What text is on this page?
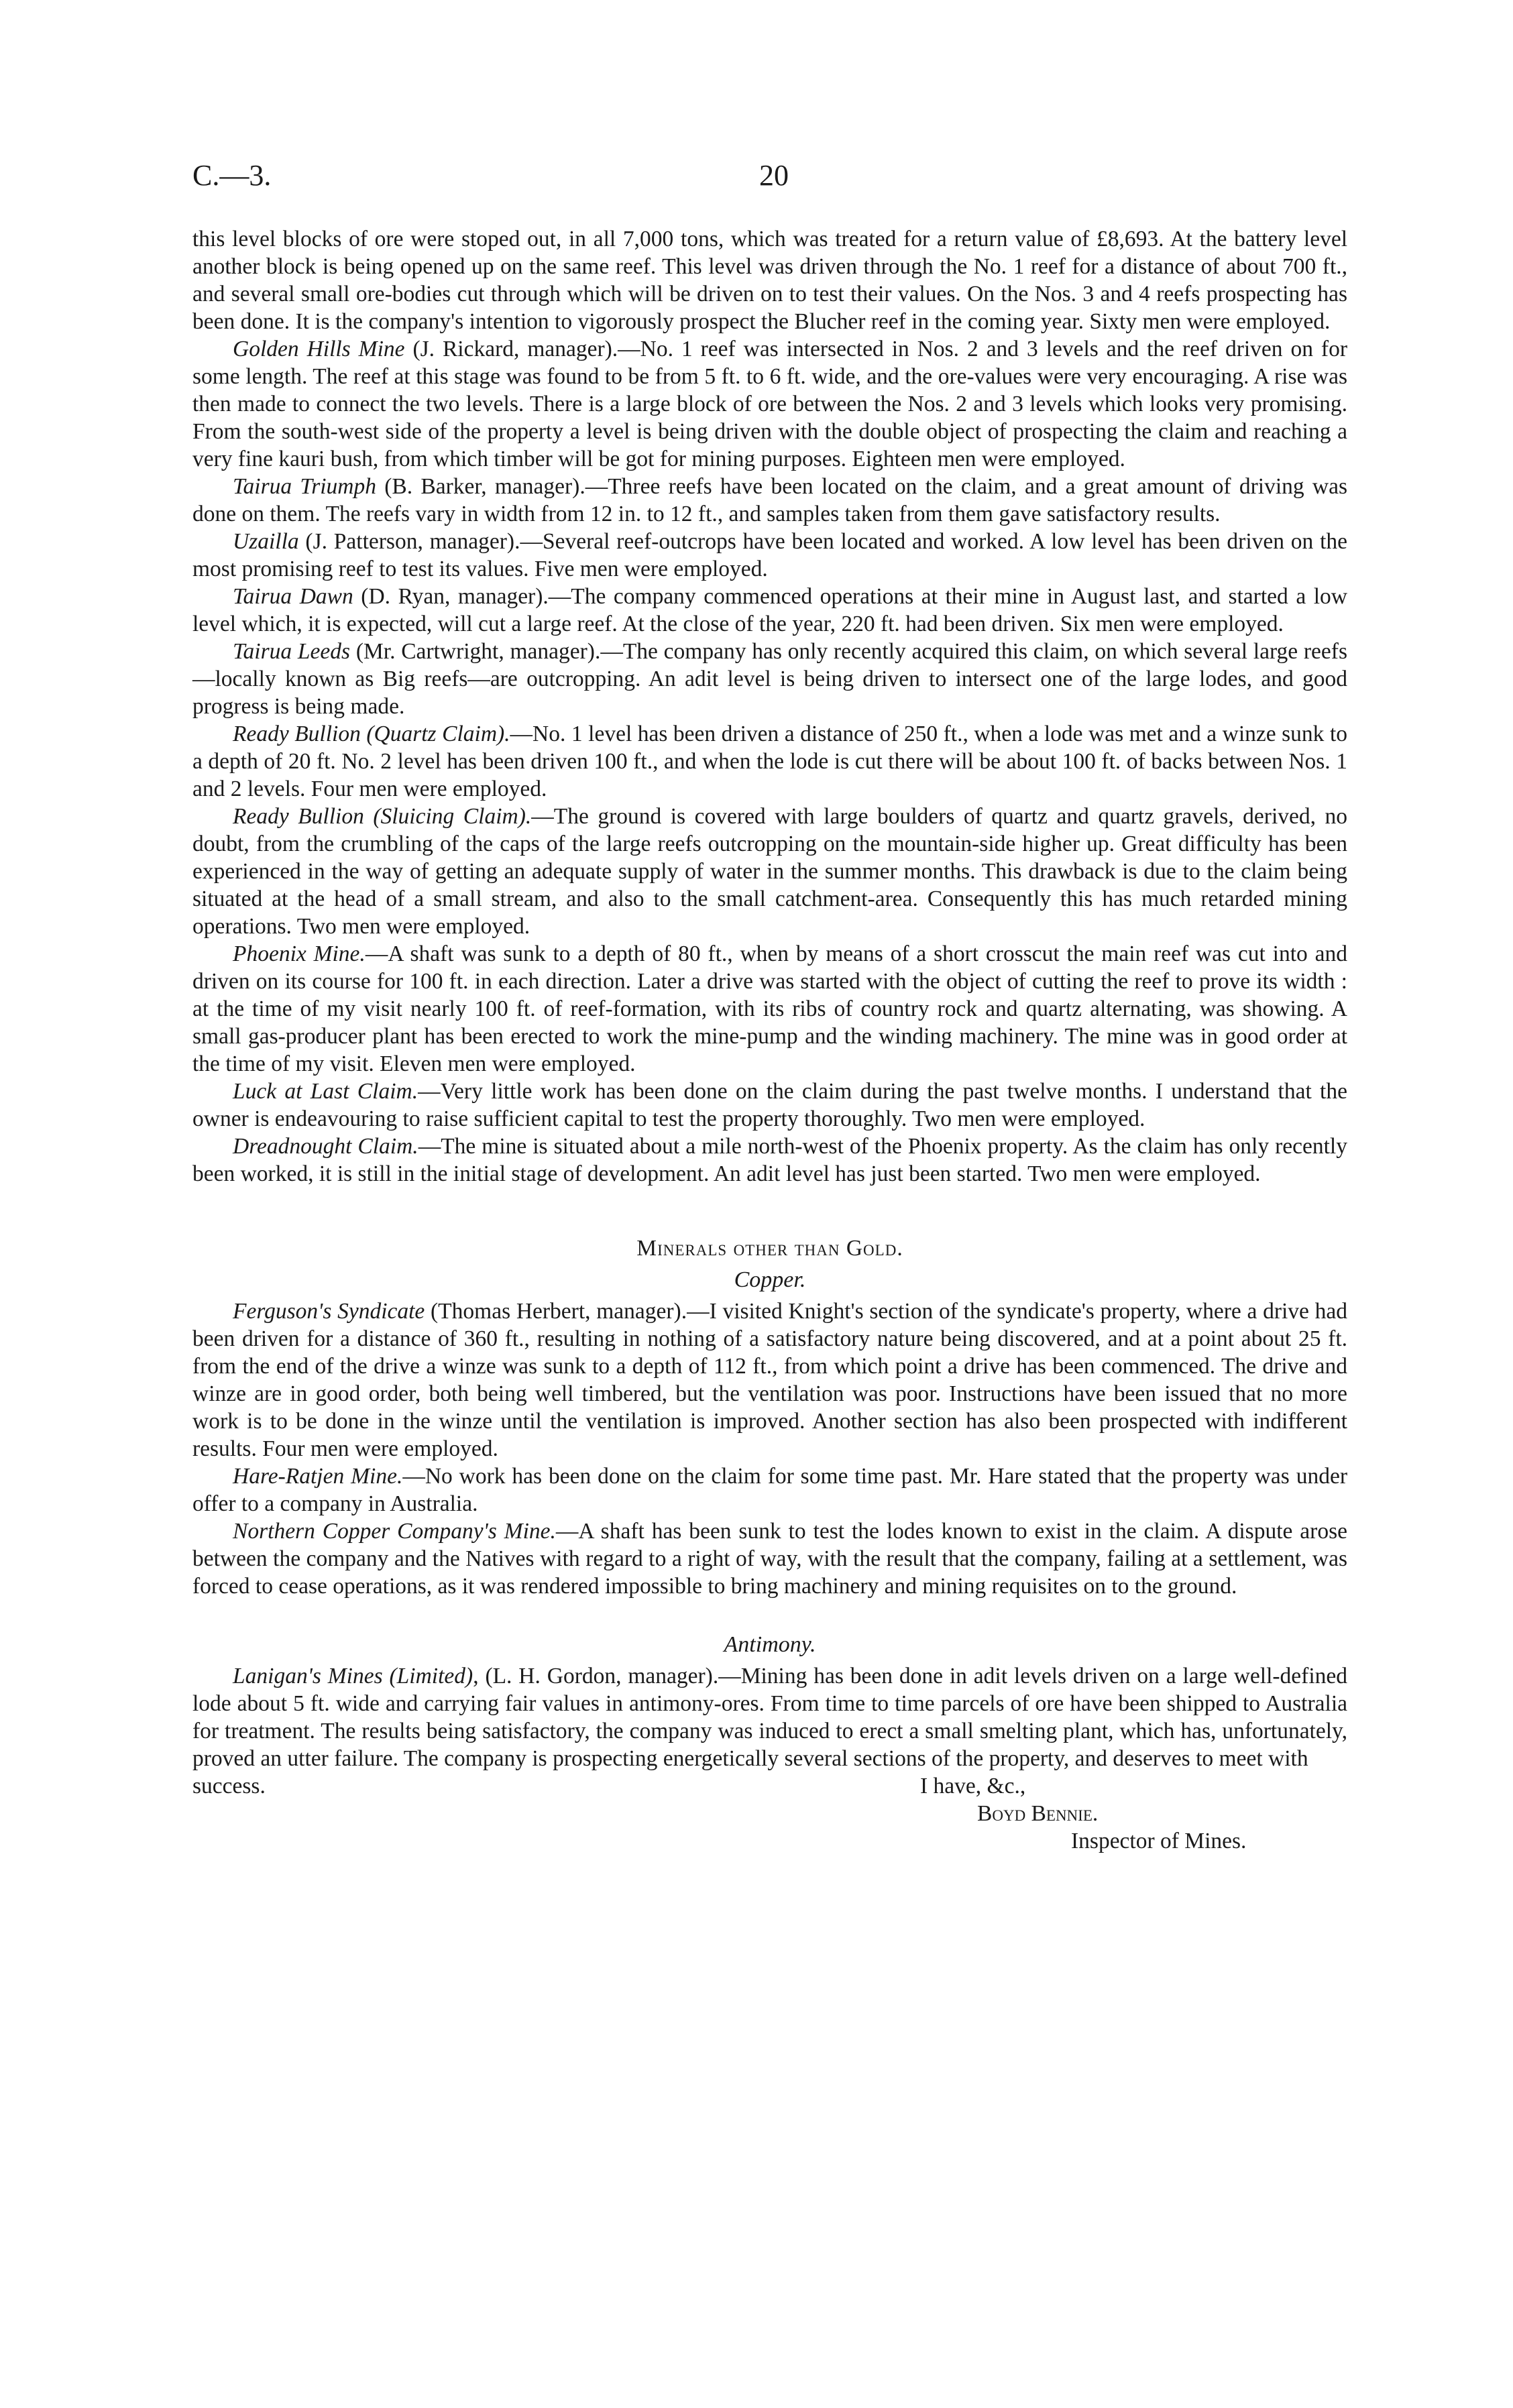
C.—3.	20

this level blocks of ore were stoped out, in all 7,000 tons, which was treated for a return value of £8,693. At the battery level another block is being opened up on the same reef. This level was driven through the No. 1 reef for a distance of about 700 ft., and several small ore-bodies cut through which will be driven on to test their values. On the Nos. 3 and 4 reefs prospecting has been done. It is the company's intention to vigorously prospect the Blucher reef in the coming year. Sixty men were employed.

Golden Hills Mine (J. Rickard, manager).—No. 1 reef was intersected in Nos. 2 and 3 levels and the reef driven on for some length. The reef at this stage was found to be from 5 ft. to 6 ft. wide, and the ore-values were very encouraging. A rise was then made to connect the two levels. There is a large block of ore between the Nos. 2 and 3 levels which looks very promising. From the south-west side of the property a level is being driven with the double object of prospecting the claim and reaching a very fine kauri bush, from which timber will be got for mining purposes. Eighteen men were employed.

Tairua Triumph (B. Barker, manager).—Three reefs have been located on the claim, and a great amount of driving was done on them. The reefs vary in width from 12 in. to 12 ft., and samples taken from them gave satisfactory results.

Uzailla (J. Patterson, manager).—Several reef-outcrops have been located and worked. A low level has been driven on the most promising reef to test its values. Five men were employed.

Tairua Dawn (D. Ryan, manager).—The company commenced operations at their mine in August last, and started a low level which, it is expected, will cut a large reef. At the close of the year, 220 ft. had been driven. Six men were employed.

Tairua Leeds (Mr. Cartwright, manager).—The company has only recently acquired this claim, on which several large reefs—locally known as Big reefs—are outcropping. An adit level is being driven to intersect one of the large lodes, and good progress is being made.

Ready Bullion (Quartz Claim).—No. 1 level has been driven a distance of 250 ft., when a lode was met and a winze sunk to a depth of 20 ft. No. 2 level has been driven 100 ft., and when the lode is cut there will be about 100 ft. of backs between Nos. 1 and 2 levels. Four men were employed.

Ready Bullion (Sluicing Claim).—The ground is covered with large boulders of quartz and quartz gravels, derived, no doubt, from the crumbling of the caps of the large reefs outcropping on the mountain-side higher up. Great difficulty has been experienced in the way of getting an adequate supply of water in the summer months. This drawback is due to the claim being situated at the head of a small stream, and also to the small catchment-area. Consequently this has much retarded mining operations. Two men were employed.

Phoenix Mine.—A shaft was sunk to a depth of 80 ft., when by means of a short crosscut the main reef was cut into and driven on its course for 100 ft. in each direction. Later a drive was started with the object of cutting the reef to prove its width : at the time of my visit nearly 100 ft. of reef-formation, with its ribs of country rock and quartz alternating, was showing. A small gas-producer plant has been erected to work the mine-pump and the winding machinery. The mine was in good order at the time of my visit. Eleven men were employed.

Luck at Last Claim.—Very little work has been done on the claim during the past twelve months. I understand that the owner is endeavouring to raise sufficient capital to test the property thoroughly. Two men were employed.

Dreadnought Claim.—The mine is situated about a mile north-west of the Phoenix property. As the claim has only recently been worked, it is still in the initial stage of development. An adit level has just been started. Two men were employed.

Minerals other than Gold.
Copper.

Ferguson's Syndicate (Thomas Herbert, manager).—I visited Knight's section of the syndicate's property, where a drive had been driven for a distance of 360 ft., resulting in nothing of a satisfactory nature being discovered, and at a point about 25 ft. from the end of the drive a winze was sunk to a depth of 112 ft., from which point a drive has been commenced. The drive and winze are in good order, both being well timbered, but the ventilation was poor. Instructions have been issued that no more work is to be done in the winze until the ventilation is improved. Another section has also been prospected with indifferent results. Four men were employed.

Hare-Ratjen Mine.—No work has been done on the claim for some time past. Mr. Hare stated that the property was under offer to a company in Australia.

Northern Copper Company's Mine.—A shaft has been sunk to test the lodes known to exist in the claim. A dispute arose between the company and the Natives with regard to a right of way, with the result that the company, failing at a settlement, was forced to cease operations, as it was rendered impossible to bring machinery and mining requisites on to the ground.

Antimony.

Lanigan's Mines (Limited), (L. H. Gordon, manager).—Mining has been done in adit levels driven on a large well-defined lode about 5 ft. wide and carrying fair values in antimony-ores. From time to time parcels of ore have been shipped to Australia for treatment. The results being satisfactory, the company was induced to erect a small smelting plant, which has, unfortunately, proved an utter failure. The company is prospecting energetically several sections of the property, and deserves to meet with

success.	I have, &c.,
Boyd Bennie.
Inspector of Mines.
